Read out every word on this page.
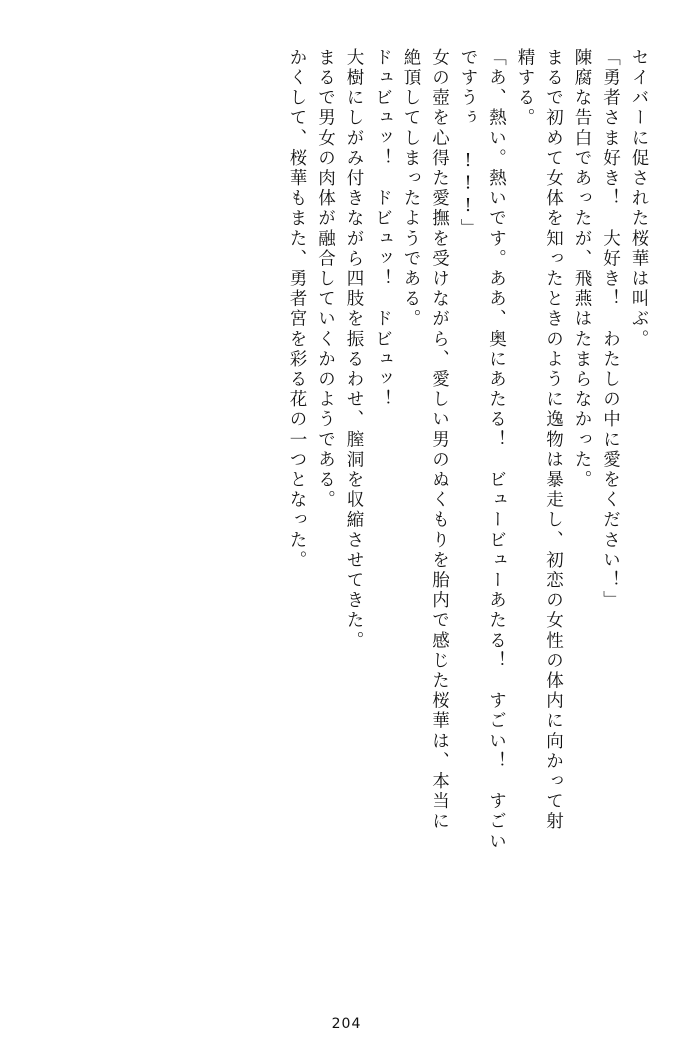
セイバーに促された桜華は叫ぶ。
「勇者さま好き！　大好き！　わたしの中に愛をください！」
陳腐な告白であったが、飛燕はたまらなかった。
まるで初めて女体を知ったときのように逸物は暴走し、初恋の女性の体内に向かって射
精する。
「あ、熱い。熱いです。ああ、奥にあたる！　ビュービューあたる！　すごい！　すごい
ですうぅ !!!」
女の壺を心得た愛撫を受けながら、愛しい男のぬくもりを胎内で感じた桜華は、本当に
絶頂してしまったようである。
ドュビュッ！　ドビュッ！　ドビュッ！
大樹にしがみ付きながら四肢を振るわせ、膣洞を収縮させてきた。
まるで男女の肉体が融合していくかのようである。
かくして、桜華もまた、勇者宮を彩る花の一つとなった。
204
